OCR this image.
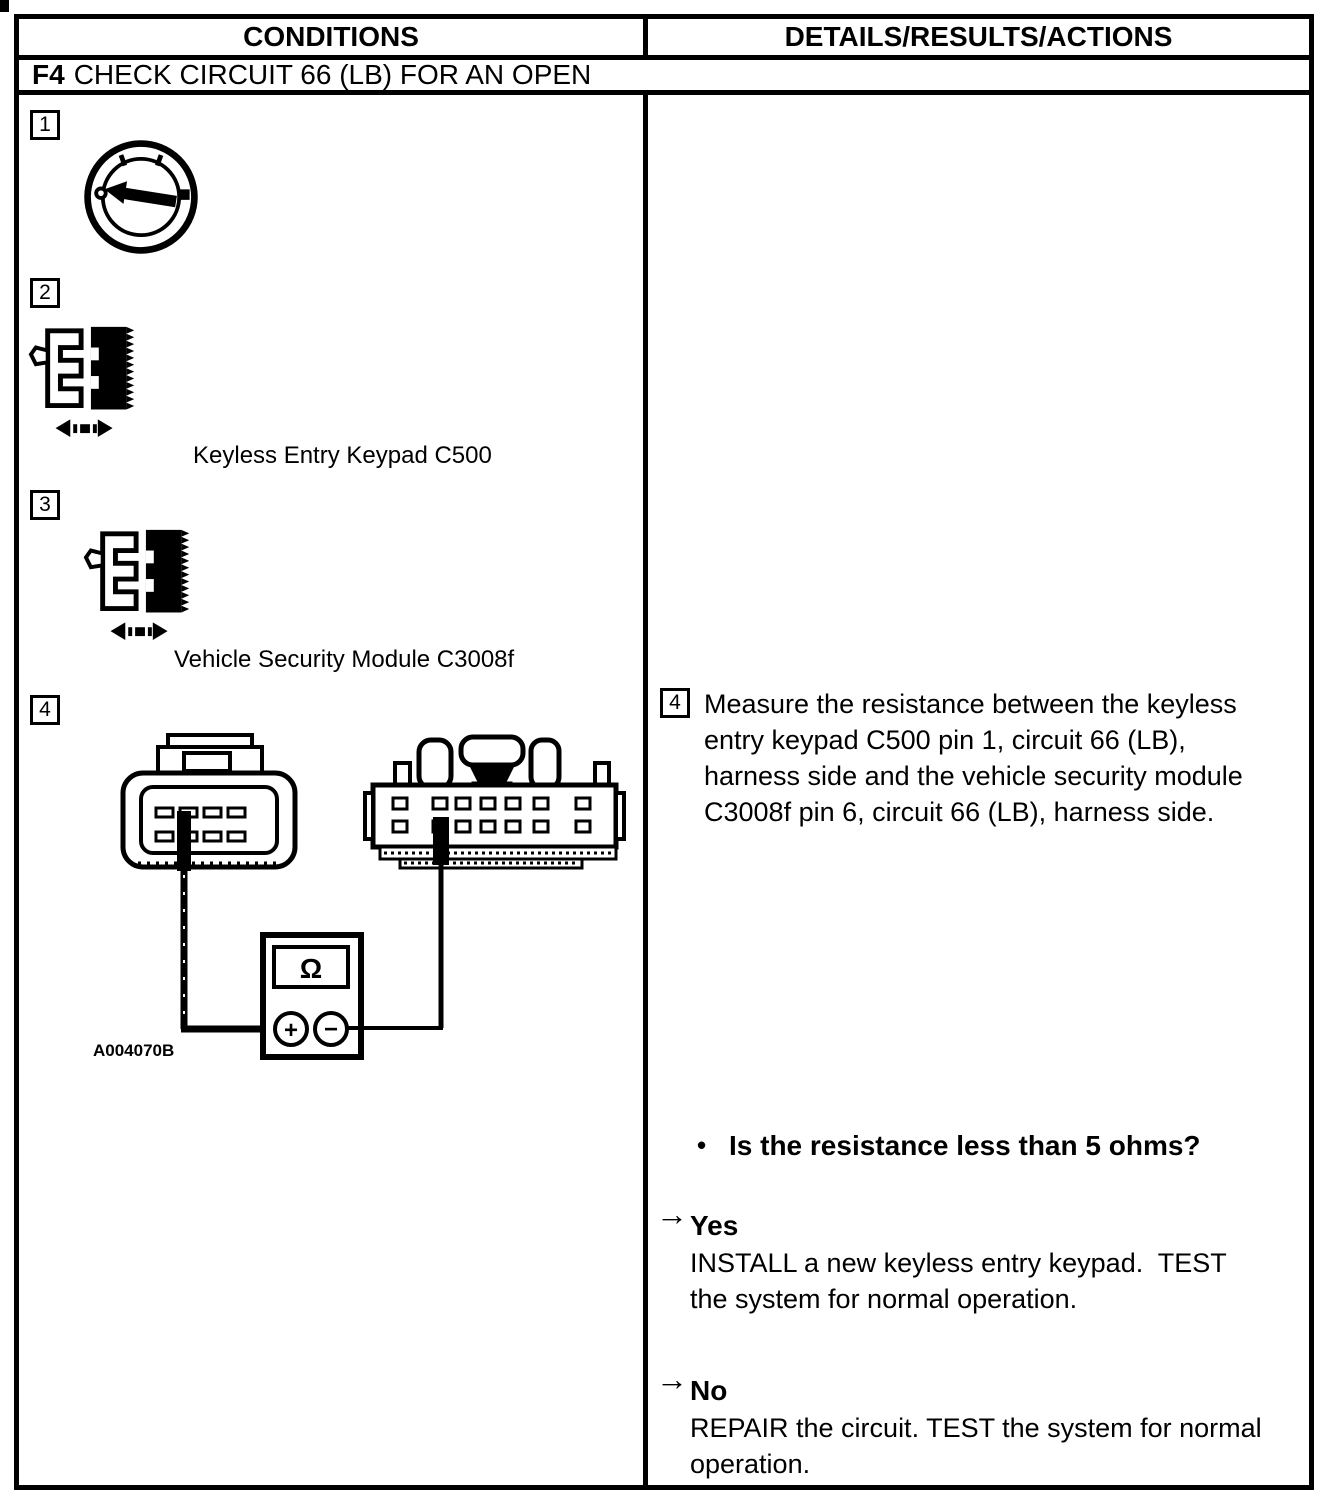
CONDITIONS	DETAILS/RESULTS/ACTIONS
F4 CHECK CIRCUIT 66 (LB) FOR AN OPEN
1
2
Keyless Entry Keypad C500
3
Vehicle Security Module C3008f
4
Ω
+ −
A004070B
4 Measure the resistance between the keyless entry keypad C500 pin 1, circuit 66 (LB), harness side and the vehicle security module C3008f pin 6, circuit 66 (LB), harness side.
• Is the resistance less than 5 ohms?
→ Yes
INSTALL a new keyless entry keypad.  TEST the system for normal operation.
→ No
REPAIR the circuit. TEST the system for normal operation.
